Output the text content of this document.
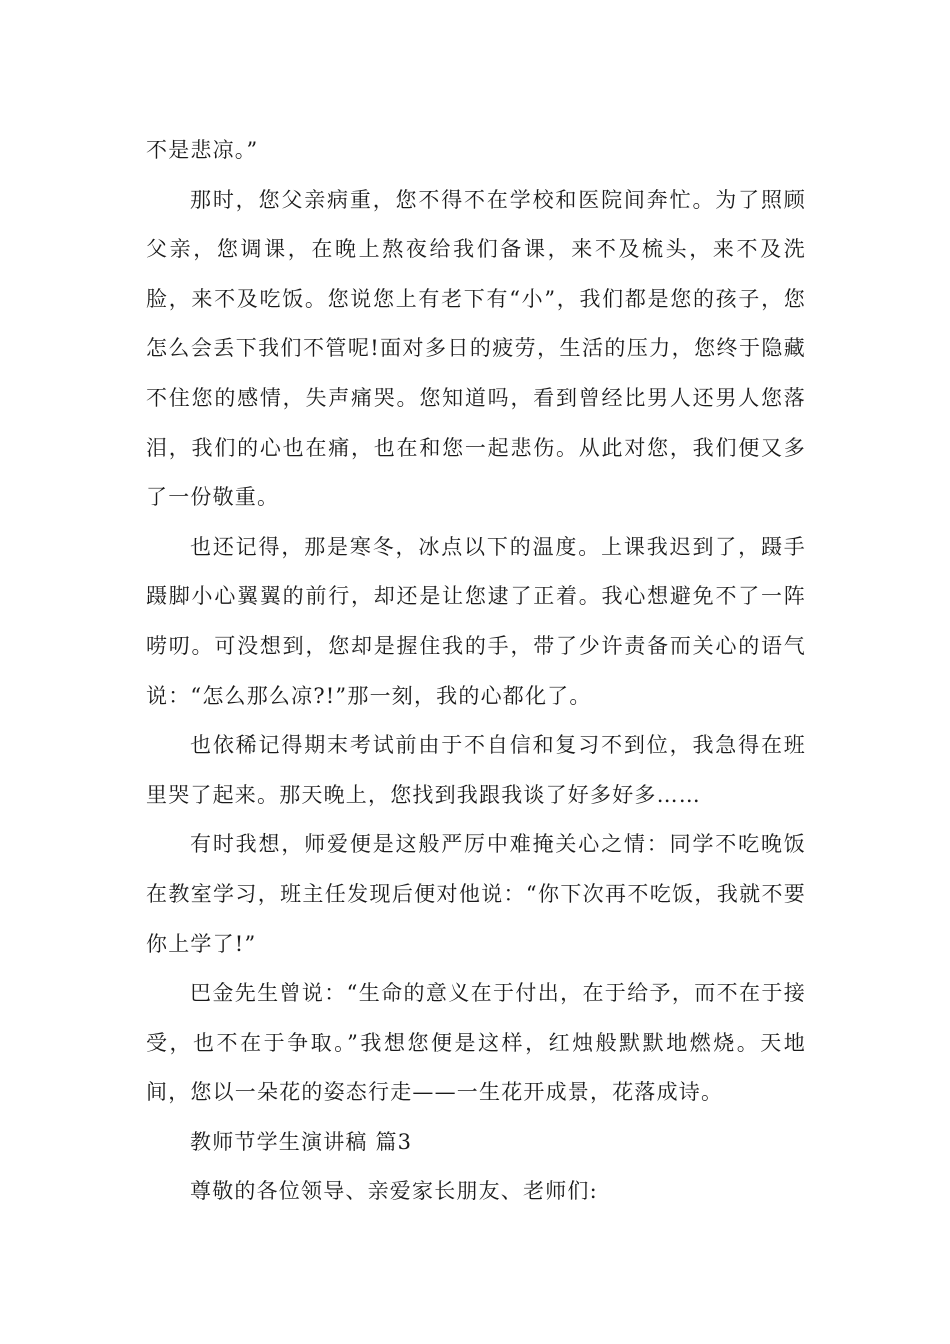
不是悲凉。”

那时，您父亲病重，您不得不在学校和医院间奔忙。为了照顾父亲，您调课，在晚上熬夜给我们备课，来不及梳头，来不及洗脸，来不及吃饭。您说您上有老下有“小”，我们都是您的孩子，您怎么会丢下我们不管呢!面对多日的疲劳，生活的压力，您终于隐藏不住您的感情，失声痛哭。您知道吗，看到曾经比男人还男人您落泪，我们的心也在痛，也在和您一起悲伤。从此对您，我们便又多了一份敬重。

也还记得，那是寒冬，冰点以下的温度。上课我迟到了，蹑手蹑脚小心翼翼的前行，却还是让您逮了正着。我心想避免不了一阵唠叨。可没想到，您却是握住我的手，带了少许责备而关心的语气说：“怎么那么凉?!”那一刻，我的心都化了。

也依稀记得期末考试前由于不自信和复习不到位，我急得在班里哭了起来。那天晚上，您找到我跟我谈了好多好多……

有时我想，师爱便是这般严厉中难掩关心之情：同学不吃晚饭在教室学习，班主任发现后便对他说：“你下次再不吃饭，我就不要你上学了!”

巴金先生曾说：“生命的意义在于付出，在于给予，而不在于接受，也不在于争取。”我想您便是这样，红烛般默默地燃烧。天地间，您以一朵花的姿态行走——一生花开成景，花落成诗。

教师节学生演讲稿 篇3

尊敬的各位领导、亲爱家长朋友、老师们:
